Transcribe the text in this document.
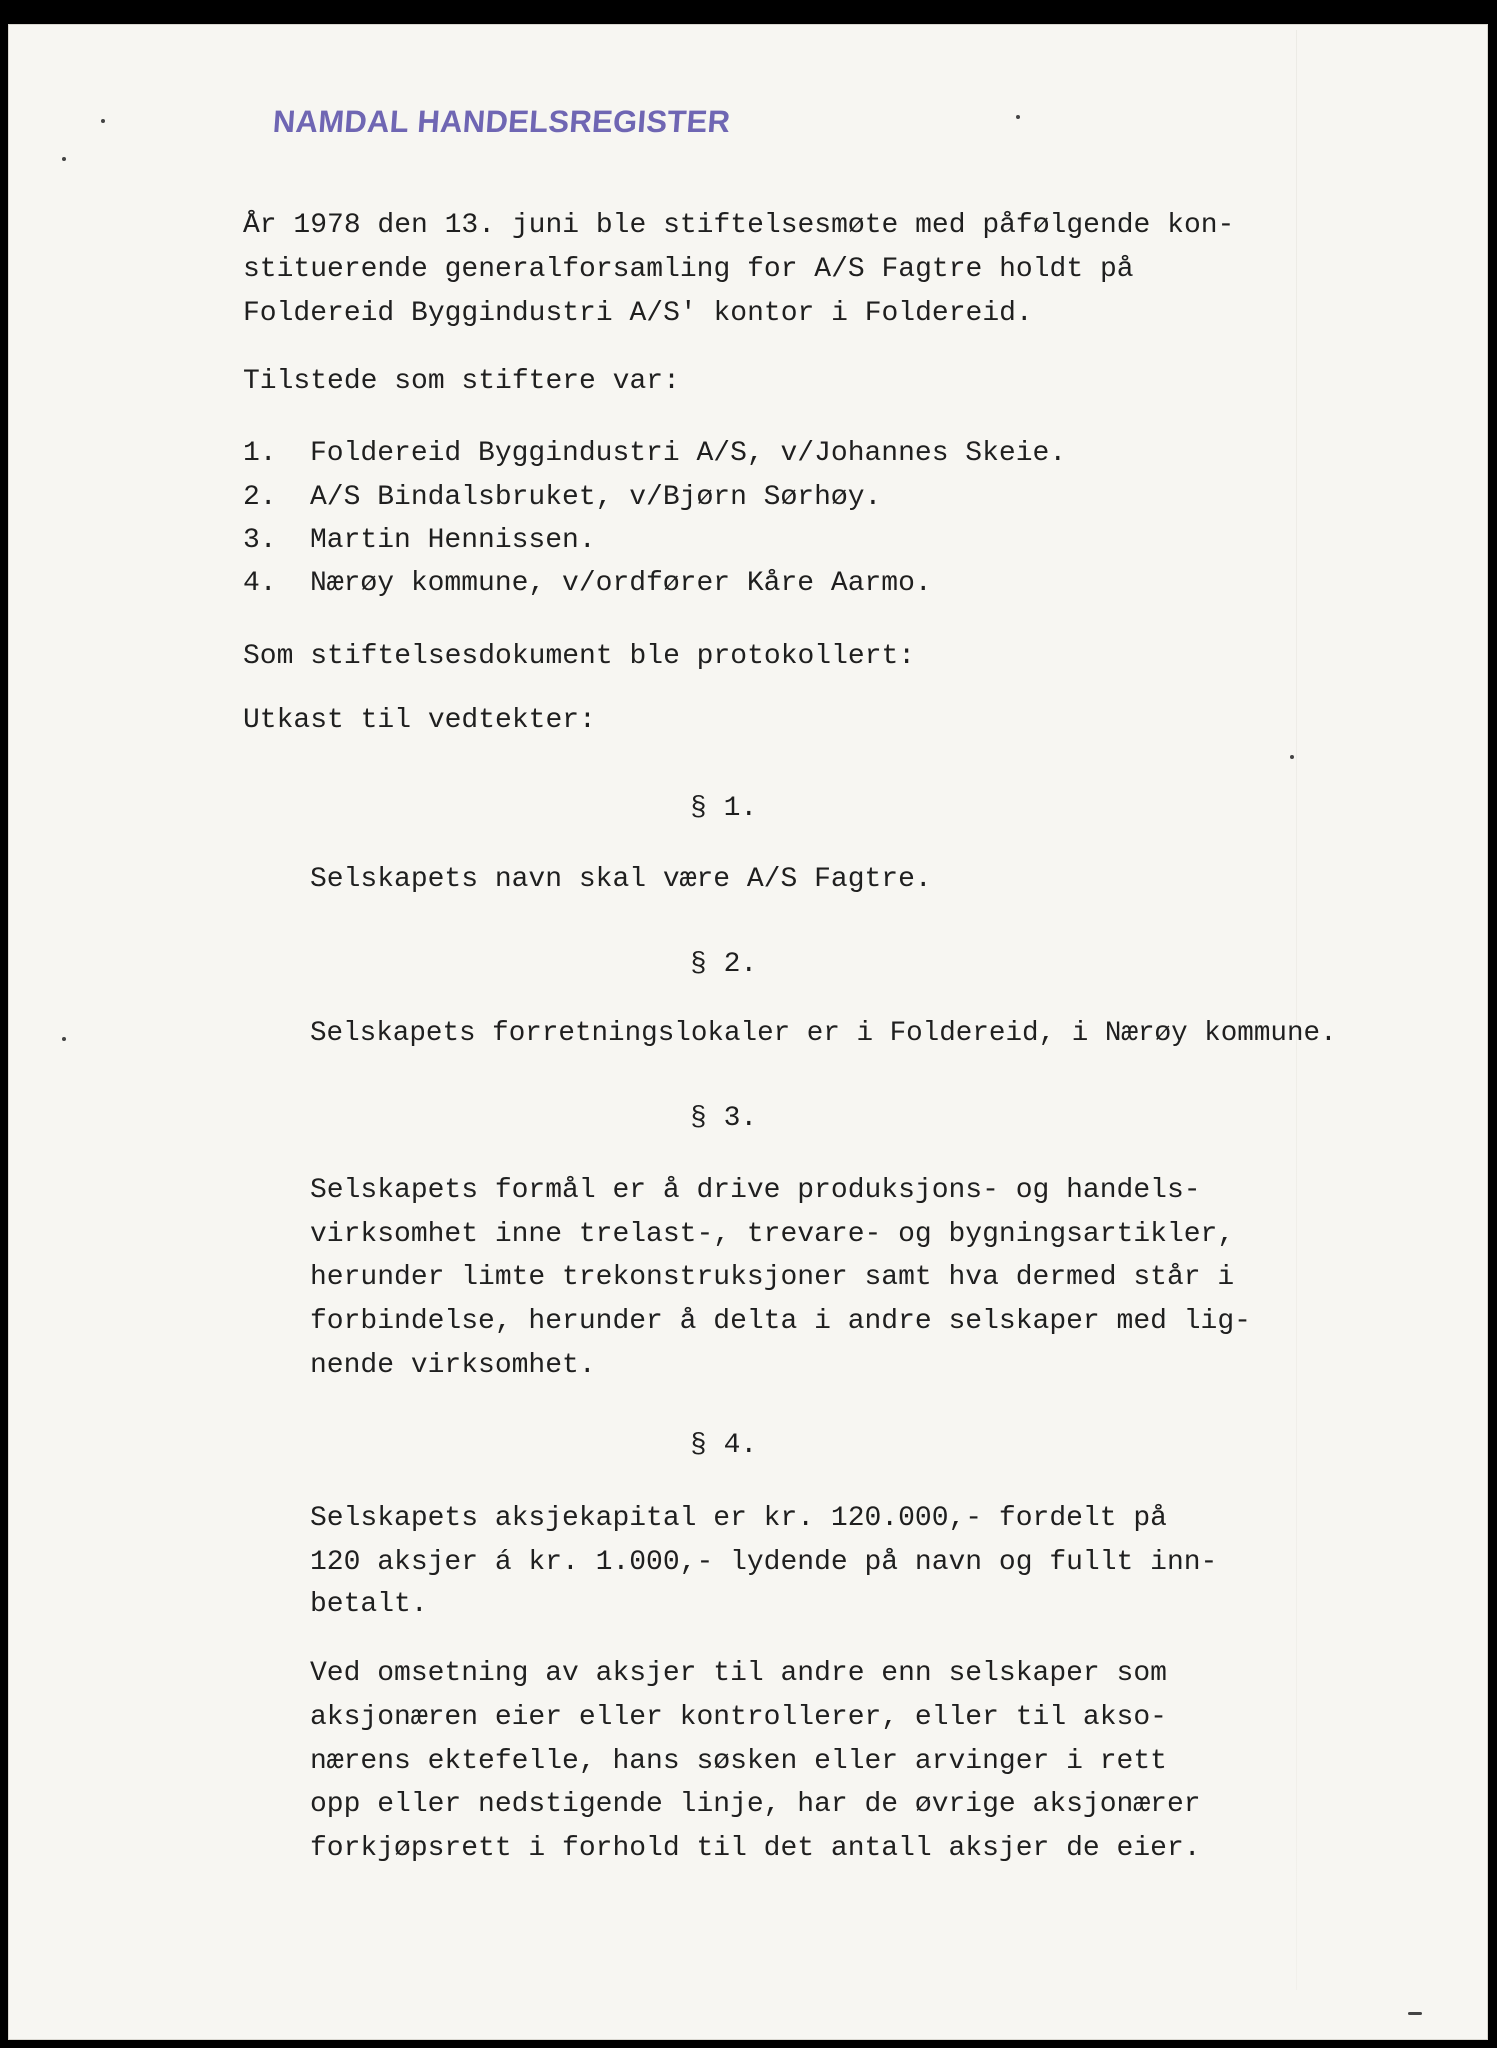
NAMDAL HANDELSREGISTER
År 1978 den 13. juni ble stiftelsesmøte med påfølgende kon-
stituerende generalforsamling for A/S Fagtre holdt på
Foldereid Byggindustri A/S' kontor i Foldereid.
Tilstede som stiftere var:
1. Foldereid Byggindustri A/S, v/Johannes Skeie.
2. A/S Bindalsbruket, v/Bjørn Sørhøy.
3. Martin Hennissen.
4. Nærøy kommune, v/ordfører Kåre Aarmo.
Som stiftelsesdokument ble protokollert:
Utkast til vedtekter:
§ 1.
Selskapets navn skal være A/S Fagtre.
§ 2.
Selskapets forretningslokaler er i Foldereid, i Nærøy kommune.
§ 3.
Selskapets formål er å drive produksjons- og handels-
virksomhet inne trelast-, trevare- og bygningsartikler,
herunder limte trekonstruksjoner samt hva dermed står i
forbindelse, herunder å delta i andre selskaper med lig-
nende virksomhet.
§ 4.
Selskapets aksjekapital er kr. 120.000,- fordelt på
120 aksjer á kr. 1.000,- lydende på navn og fullt inn-
betalt.
Ved omsetning av aksjer til andre enn selskaper som
aksjonæren eier eller kontrollerer, eller til akso-
nærens ektefelle, hans søsken eller arvinger i rett
opp eller nedstigende linje, har de øvrige aksjonærer
forkjøpsrett i forhold til det antall aksjer de eier.
